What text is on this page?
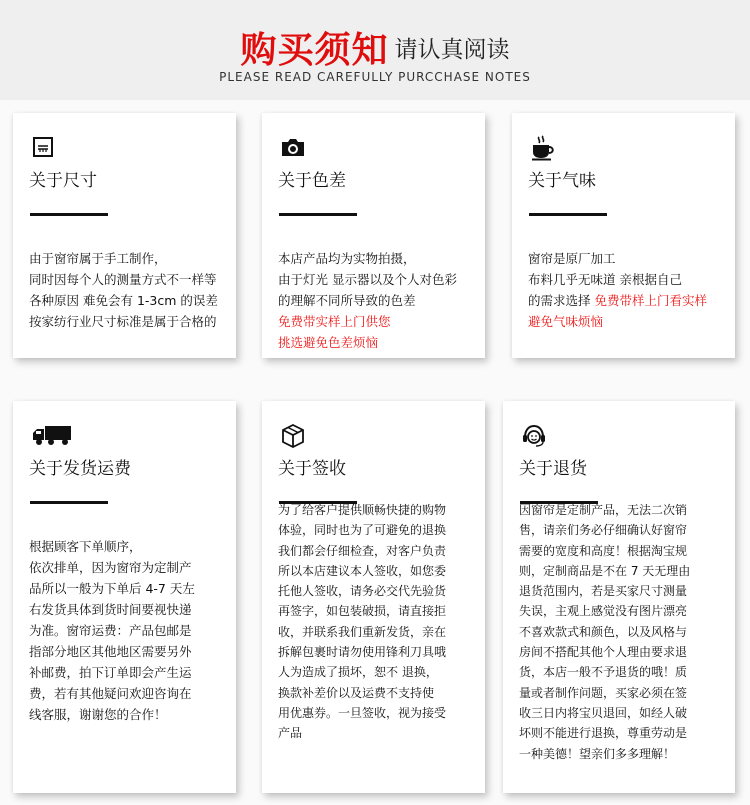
购买须知 请认真阅读
PLEASE READ CAREFULLY PURCCHASE NOTES
关于尺寸
由于窗帘属于手工制作，
同时因每个人的测量方式不一样等
各种原因 难免会有 1-3cm 的误差
按家纺行业尺寸标准是属于合格的
关于色差
本店产品均为实物拍摄，
由于灯光 显示器以及个人对色彩
的理解不同所导致的色差
免费带实样上门供您
挑选避免色差烦恼
关于气味
窗帘是原厂加工
布料几乎无味道 亲根据自己
的需求选择 免费带样上门看实样
避免气味烦恼
关于发货运费
根据顾客下单顺序，
依次排单，因为窗帘为定制产
品所以一般为下单后 4-7 天左
右发货具体到货时间要视快递
为准。窗帘运费：产品包邮是
指部分地区其他地区需要另外
补邮费，拍下订单即会产生运
费，若有其他疑问欢迎咨询在
线客服，谢谢您的合作！
关于签收
为了给客户提供顺畅快捷的购物
体验，同时也为了可避免的退换
我们都会仔细检查，对客户负责
所以本店建议本人签收，如您委
托他人签收，请务必交代先验货
再签字，如包装破损，请直接拒
收，并联系我们重新发货，亲在
拆解包裹时请勿使用锋利刀具哦
人为造成了损坏，恕不 退换，
换款补差价以及运费不支持使
用优惠券。一旦签收，视为接受
产品
关于退货
因窗帘是定制产品，无法二次销
售，请亲们务必仔细确认好窗帘
需要的宽度和高度！根据淘宝规
则，定制商品是不在 7 天无理由
退货范围内，若是买家尺寸测量
失误，主观上感觉没有图片漂亮
不喜欢款式和颜色，以及风格与
房间不搭配其他个人理由要求退
货，本店一般不予退货的哦！质
量或者制作问题，买家必须在签
收三日内将宝贝退回，如经人破
坏则不能进行退换，尊重劳动是
一种美德！望亲们多多理解！
